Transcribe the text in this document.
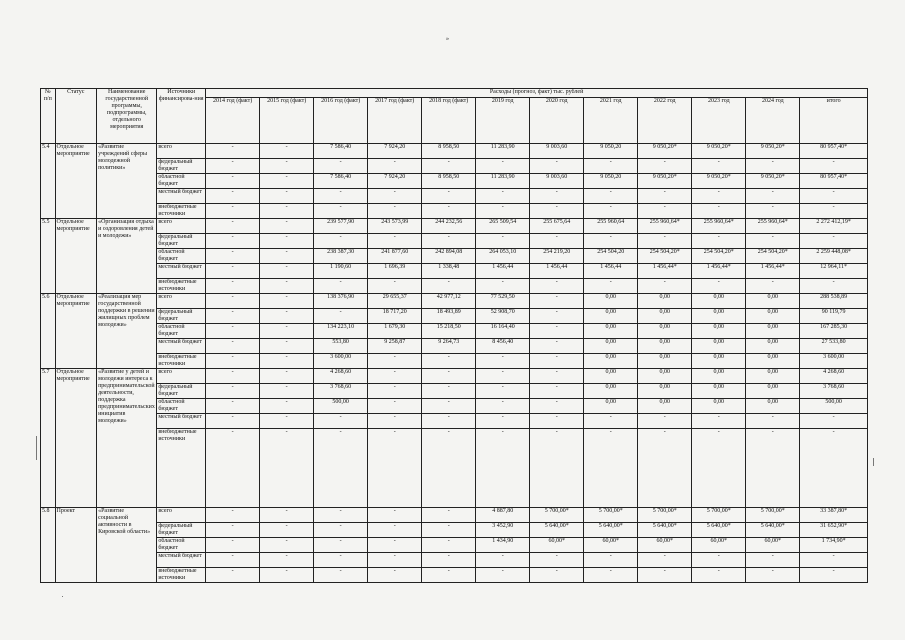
»
№ п/п	Статус	Наименование государственной программы, подпрограммы, отдельного мероприятия	Источники финансирова-ния	Расходы (прогноз, факт) тыс. рублей											
				2014 год (факт)	2015 год (факт)	2016 год (факт)	2017 год (факт)	2018 год (факт)	2019 год	2020 год	2021 год	2022 год	2023 год	2024 год	итого
5.4	Отдельное мероприятие	«Развитие учреждений сферы молодежной политики»	всего	-	-	7 586,40	7 924,20	8 958,50	11 283,90	9 003,60	9 050,20	9 050,20*	9 050,20*	9 050,20*	80 957,40*
			федеральный бюджет	-	-	-	-	-	-	-	-	-	-	-	-
			областной бюджет	-	-	7 586,40	7 924,20	8 958,50	11 283,90	9 003,60	9 050,20	9 050,20*	9 050,20*	9 050,20*	80 957,40*
			местный бюджет	-	-	-	-	-	-	-	-	-	-	-	-
			внебюджетные источники	-	-	-	-	-	-	-	-	-	-	-	-
5.5	Отдельное мероприятие	«Организация отдыха и оздоровления детей и молодежи»	всего	-	-	239 577,90	243 573,99	244 232,56	265 509,54	255 675,64	255 960,64	255 960,64*	255 960,64*	255 960,64*	2 272 412,19*
			федеральный бюджет	-	-	-	-	-	-	-	-	-	-	-	-
			областной бюджет	-	-	238 387,30	241 877,60	242 894,08	264 053,10	254 219,20	254 504,20	254 504,20*	254 504,20*	254 504,20*	2 259 448,08*
			местный бюджет	-	-	1 190,60	1 696,39	1 338,48	1 456,44	1 456,44	1 456,44	1 456,44*	1 456,44*	1 456,44*	12 964,11*
			внебюджетные источники	-	-	-	-	-	-	-	-	-	-	-	-
5.6	Отдельное мероприятие	«Реализация мер государственной поддержки в решении жилищных проблем молодежи»	всего	-	-	138 376,90	29 655,37	42 977,12	77 529,50	-	0,00	0,00	0,00	0,00	288 538,89
			федеральный бюджет	-	-	-	18 717,20	18 493,89	52 908,70	-	0,00	0,00	0,00	0,00	90 119,79
			областной бюджет	-	-	134 223,10	1 679,30	15 218,50	16 164,40	-	0,00	0,00	0,00	0,00	167 285,30
			местный бюджет	-	-	553,80	9 258,87	9 264,73	8 456,40	-	0,00	0,00	0,00	0,00	27 533,80
			внебюджетные источники	-	-	3 600,00	-	-	-	-	0,00	0,00	0,00	0,00	3 600,00
5.7	Отдельное мероприятие	«Развитие у детей и молодежи интереса к предпринимательской деятельности, поддержка предпринимательских инициатив молодежи»	всего	-	-	4 268,60	-	-	-	-	0,00	0,00	0,00	0,00	4 268,60
			федеральный бюджет	-	-	3 768,60	-	-	-	-	0,00	0,00	0,00	0,00	3 768,60
			областной бюджет	-	-	500,00	-	-	-	-	0,00	0,00	0,00	0,00	500,00
			местный бюджет	-	-	-	-	-	-	-	-	-	-	-	-
			внебюджетные источники	-	-	-	-	-	-	-	-	-	-	-	-
5.8	Проект	«Развитие социальной активности в Кировской области»	всего	-	-	-	-	-	4 887,80	5 700,00*	5 700,00*	5 700,00*	5 700,00*	5 700,00*	33 387,80*
			федеральный бюджет	-	-	-	-	-	3 452,90	5 640,00*	5 640,00*	5 640,00*	5 640,00*	5 640,00*	31 652,90*
			областной бюджет	-	-	-	-	-	1 434,90	60,00*	60,00*	60,00*	60,00*	60,00*	1 734,90*
			местный бюджет	-	-	-	-	-	-	-	-	-	-	-	-
			внебюджетные источники	-	-	-	-	-	-	-	-	-	-	-	-
